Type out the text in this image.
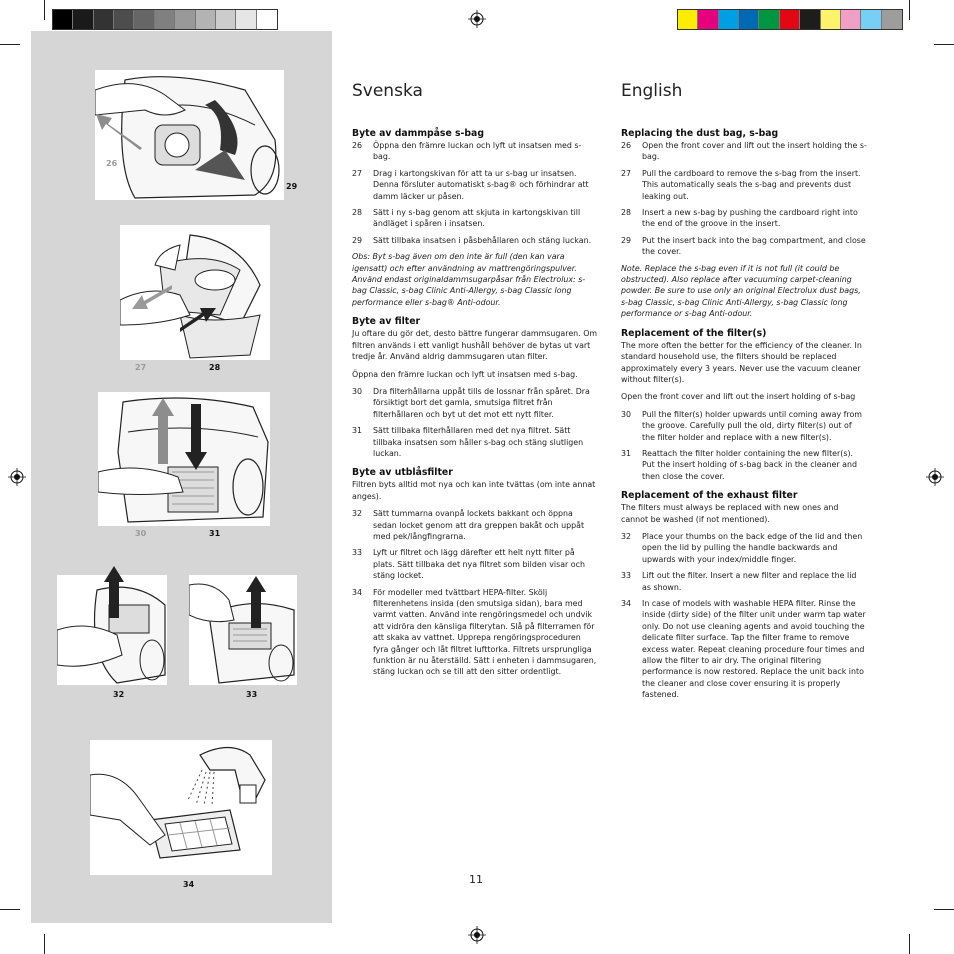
26
29
27	28
30	31
32	33
34
Svenska
Byte av dammpåse s-bag
26	Öppna den främre luckan och lyft ut insatsen med s-bag.
27	Drag i kartongskivan för att ta ur s-bag ur insatsen. Denna försluter automatiskt s-bag® och förhindrar att damm läcker ur påsen.
28	Sätt i ny s-bag genom att skjuta in kartongskivan till ändläget i spåren i insatsen.
29	Sätt tillbaka insatsen i påsbehållaren och stäng luckan.

Obs: Byt s-bag även om den inte är full (den kan vara igensatt) och efter användning av mattrengöringspulver. Använd endast originaldammsugarpåsar från Electrolux: s-bag Classic, s-bag Clinic Anti-Allergy, s-bag Classic long performance eller s-bag® Anti-odour.

Byte av filter

Ju oftare du gör det, desto bättre fungerar dammsugaren. Om filtren används i ett vanligt hushåll behöver de bytas ut vart tredje år. Använd aldrig dammsugaren utan filter.

Öppna den främre luckan och lyft ut insatsen med s-bag.

30	Dra filterhållarna uppåt tills de lossnar från spåret. Dra försiktigt bort det gamla, smutsiga filtret från filterhållaren och byt ut det mot ett nytt filter.
31	Sätt tillbaka filterhållaren med det nya filtret. Sätt tillbaka insatsen som håller s-bag och stäng slutligen luckan.
Byte av utblåsfilter

Filtren byts alltid mot nya och kan inte tvättas (om inte annat anges).

32	Sätt tummarna ovanpå lockets bakkant och öppna sedan locket genom att dra greppen bakåt och uppåt med pek/långfingrarna.
33	Lyft ur filtret och lägg därefter ett helt nytt filter på plats. Sätt tillbaka det nya filtret som bilden visar och stäng locket.
34	För modeller med tvättbart HEPA-filter. Skölj filterenhetens insida (den smutsiga sidan), bara med varmt vatten. Använd inte rengöringsmedel och undvik att vidröra den känsliga filterytan. Slå på filterramen för att skaka av vattnet. Upprepa rengöringsproceduren fyra gånger och låt filtret lufttorka. Filtrets ursprungliga funktion är nu återställd. Sätt i enheten i dammsugaren, stäng luckan och se till att den sitter ordentligt.
English
Replacing the dust bag, s-bag
26	Open the front cover and lift out the insert holding the s-bag.
27	Pull the cardboard to remove the s-bag from the insert. This automatically seals the s-bag and prevents dust leaking out.
28	Insert a new s-bag by pushing the cardboard right into the end of the groove in the insert.
29	Put the insert back into the bag compartment, and close the cover.

Note. Replace the s-bag even if it is not full (it could be obstructed). Also replace after vacuuming carpet-cleaning powder. Be sure to use only an original Electrolux dust bags, s-bag Classic, s-bag Clinic Anti-Allergy, s-bag Classic long performance or s-bag Anti-odour.

Replacement of the filter(s)

The more often the better for the efficiency of the cleaner. In standard household use, the filters should be replaced approximately every 3 years. Never use the vacuum cleaner without filter(s).

Open the front cover and lift out the insert holding of s-bag

30	Pull the filter(s) holder upwards until coming away from the groove. Carefully pull the old, dirty filter(s) out of the filter holder and replace with a new filter(s).
31	Reattach the filter holder containing the new filter(s). Put the insert holding of s-bag back in the cleaner and then close the cover.
Replacement of the exhaust filter

The filters must always be replaced with new ones and cannot be washed (if not mentioned).

32	Place your thumbs on the back edge of the lid and then open the lid by pulling the handle backwards and upwards with your index/middle finger.
33	Lift out the filter. Insert a new filter and replace the lid as shown.
34	In case of models with washable HEPA filter. Rinse the inside (dirty side) of the filter unit under warm tap water only. Do not use cleaning agents and avoid touching the delicate filter surface. Tap the filter frame to remove excess water. Repeat cleaning procedure four times and allow the filter to air dry. The original filtering performance is now restored. Replace the unit back into the cleaner and close cover ensuring it is properly fastened.
11
